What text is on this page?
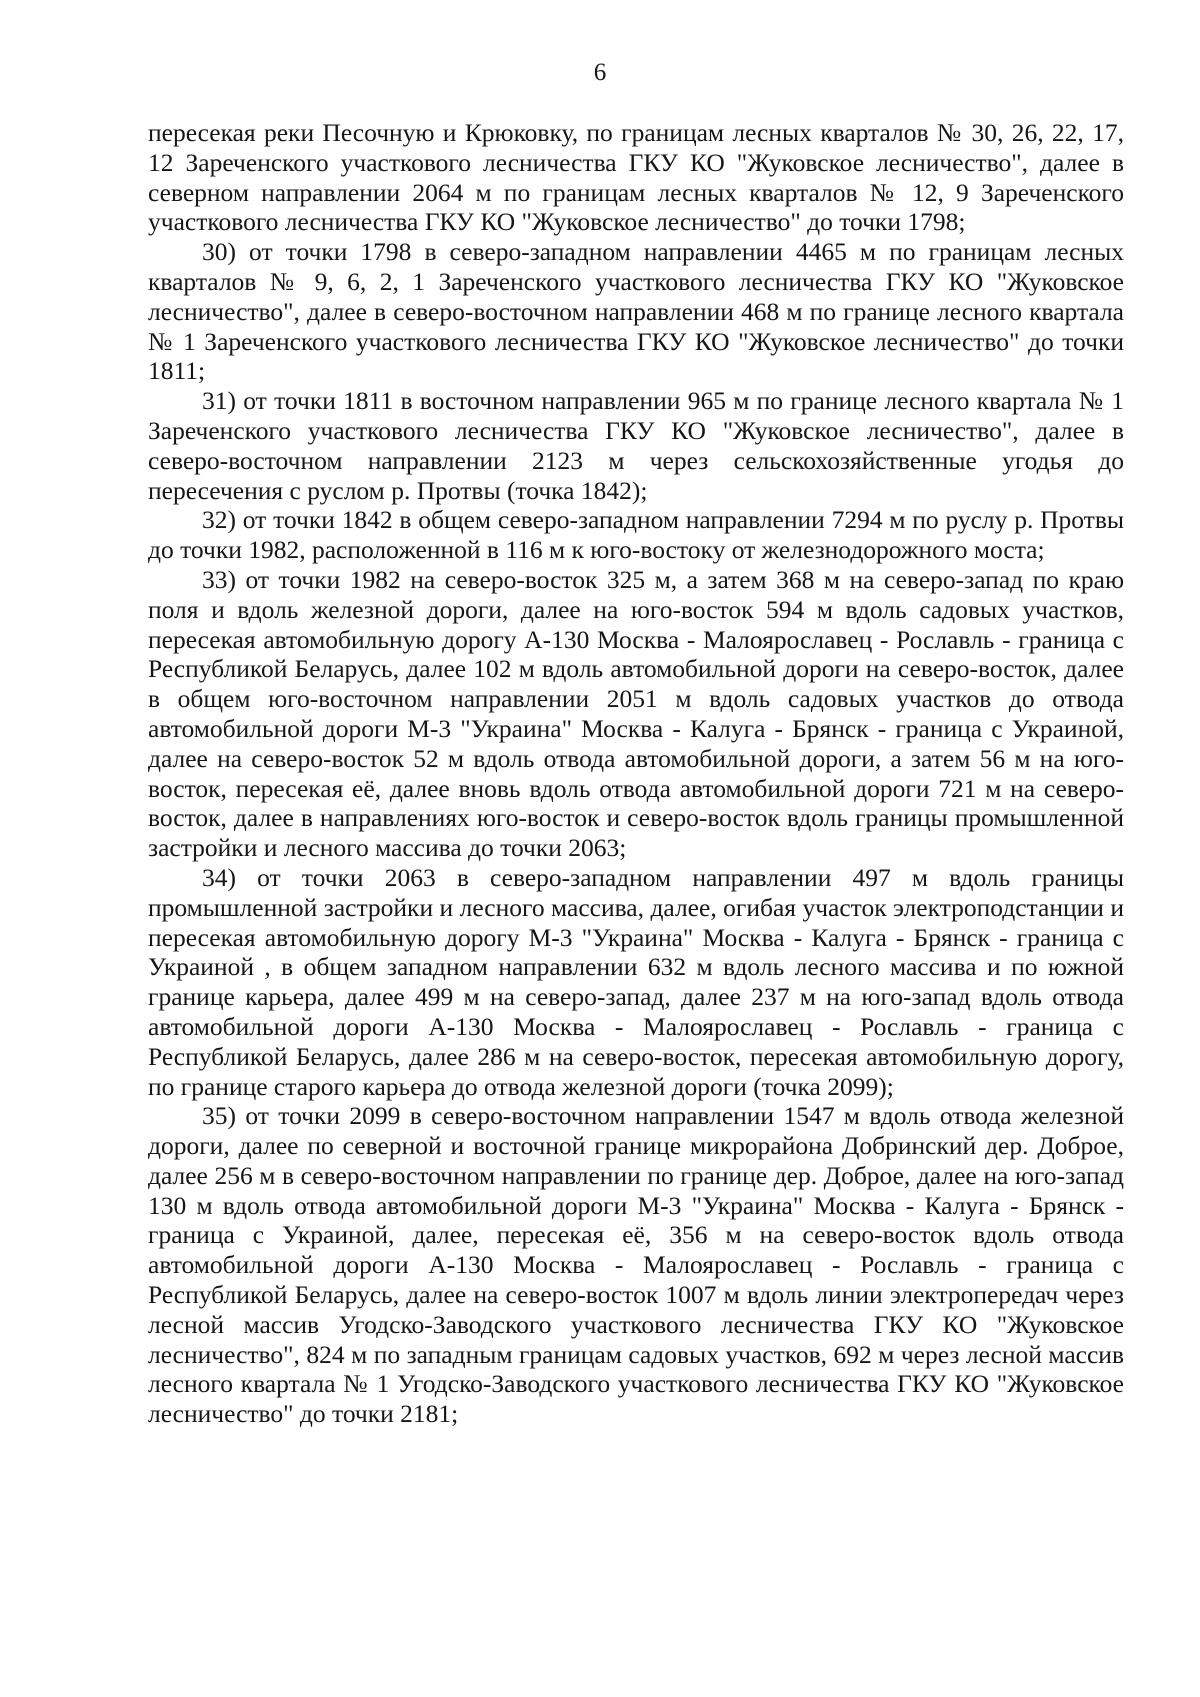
6

пересекая реки Песочную и Крюковку, по границам лесных кварталов № 30, 26, 22, 17, 12 Зареченского участкового лесничества ГКУ КО "Жуковское лесничество", далее в северном направлении 2064 м по границам лесных кварталов № 12, 9 Зареченского участкового лесничества ГКУ КО "Жуковское лесничество" до точки 1798;

30) от точки 1798 в северо-западном направлении 4465 м по границам лесных кварталов № 9, 6, 2, 1 Зареченского участкового лесничества ГКУ КО "Жуковское лесничество", далее в северо-восточном направлении 468 м по границе лесного квартала № 1 Зареченского участкового лесничества ГКУ КО "Жуковское лесничество" до точки 1811;

31) от точки 1811 в восточном направлении 965 м по границе лесного квартала № 1 Зареченского участкового лесничества ГКУ КО "Жуковское лесничество", далее в северо-восточном направлении 2123 м через сельскохозяйственные угодья до пересечения с руслом р. Протвы (точка 1842);

32) от точки 1842 в общем северо-западном направлении 7294 м по руслу р. Протвы до точки 1982, расположенной в 116 м к юго-востоку от железнодорожного моста;

33) от точки 1982 на северо-восток 325 м, а затем 368 м на северо-запад по краю поля и вдоль железной дороги, далее на юго-восток 594 м вдоль садовых участков, пересекая автомобильную дорогу А-130 Москва - Малоярославец - Рославль - граница с Республикой Беларусь, далее 102 м вдоль автомобильной дороги на северо-восток, далее в общем юго-восточном направлении 2051 м вдоль садовых участков до отвода автомобильной дороги М-3 "Украина" Москва - Калуга - Брянск - граница с Украиной, далее на северо-восток 52 м вдоль отвода автомобильной дороги, а затем 56 м на юго-восток, пересекая её, далее вновь вдоль отвода автомобильной дороги 721 м на северо-восток, далее в направлениях юго-восток и северо-восток вдоль границы промышленной застройки и лесного массива до точки 2063;

34) от точки 2063 в северо-западном направлении 497 м вдоль границы промышленной застройки и лесного массива, далее, огибая участок электроподстанции и пересекая автомобильную дорогу М-3 "Украина" Москва - Калуга - Брянск - граница с Украиной , в общем западном направлении 632 м вдоль лесного массива и по южной границе карьера, далее 499 м на северо-запад, далее 237 м на юго-запад вдоль отвода автомобильной дороги А-130 Москва - Малоярославец - Рославль - граница с Республикой Беларусь, далее 286 м на северо-восток, пересекая автомобильную дорогу, по границе старого карьера до отвода железной дороги (точка 2099);

35) от точки 2099 в северо-восточном направлении 1547 м вдоль отвода железной дороги, далее по северной и восточной границе микрорайона Добринский дер. Доброе, далее 256 м в северо-восточном направлении по границе дер. Доброе, далее на юго-запад 130 м вдоль отвода автомобильной дороги М-3 "Украина" Москва - Калуга - Брянск - граница с Украиной, далее, пересекая её, 356 м на северо-восток вдоль отвода автомобильной дороги А-130 Москва - Малоярославец - Рославль - граница с Республикой Беларусь, далее на северо-восток 1007 м вдоль линии электропередач через лесной массив Угодско-Заводского участкового лесничества ГКУ КО "Жуковское лесничество", 824 м по западным границам садовых участков, 692 м через лесной массив лесного квартала № 1 Угодско-Заводского участкового лесничества ГКУ КО "Жуковское лесничество" до точки 2181;
